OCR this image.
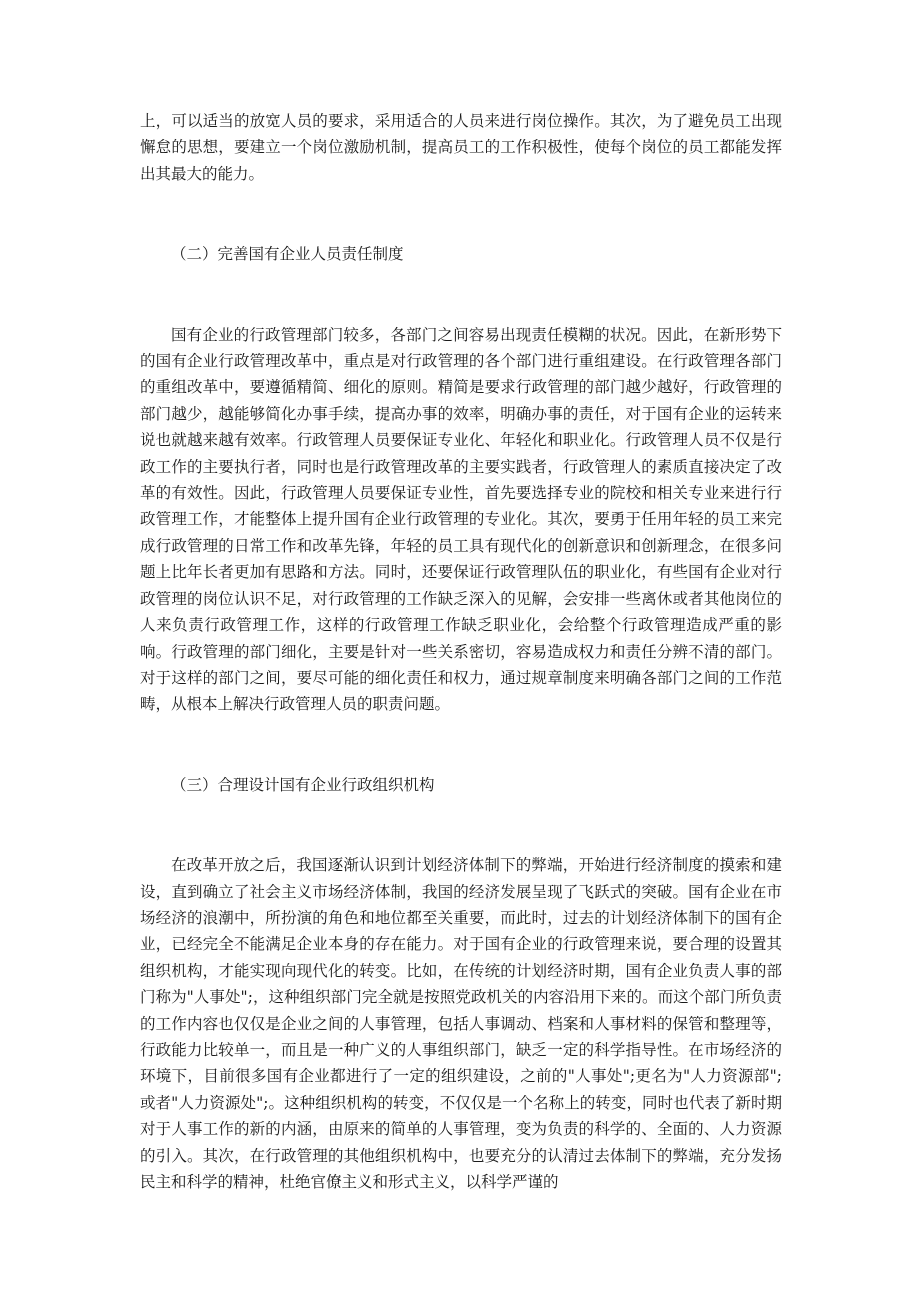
上，可以适当的放宽人员的要求，采用适合的人员来进行岗位操作。其次，为了避免员工出现懈怠的思想，要建立一个岗位激励机制，提高员工的工作积极性，使每个岗位的员工都能发挥出其最大的能力。

（二）完善国有企业人员责任制度

国有企业的行政管理部门较多，各部门之间容易出现责任模糊的状况。因此，在新形势下的国有企业行政管理改革中，重点是对行政管理的各个部门进行重组建设。在行政管理各部门的重组改革中，要遵循精简、细化的原则。精简是要求行政管理的部门越少越好，行政管理的部门越少，越能够简化办事手续，提高办事的效率，明确办事的责任，对于国有企业的运转来说也就越来越有效率。行政管理人员要保证专业化、年轻化和职业化。行政管理人员不仅是行政工作的主要执行者，同时也是行政管理改革的主要实践者，行政管理人的素质直接决定了改革的有效性。因此，行政管理人员要保证专业性，首先要选择专业的院校和相关专业来进行行政管理工作，才能整体上提升国有企业行政管理的专业化。其次，要勇于任用年轻的员工来完成行政管理的日常工作和改革先锋，年轻的员工具有现代化的创新意识和创新理念，在很多问题上比年长者更加有思路和方法。同时，还要保证行政管理队伍的职业化，有些国有企业对行政管理的岗位认识不足，对行政管理的工作缺乏深入的见解，会安排一些离休或者其他岗位的人来负责行政管理工作，这样的行政管理工作缺乏职业化，会给整个行政管理造成严重的影响。行政管理的部门细化，主要是针对一些关系密切，容易造成权力和责任分辨不清的部门。对于这样的部门之间，要尽可能的细化责任和权力，通过规章制度来明确各部门之间的工作范畴，从根本上解决行政管理人员的职责问题。

（三）合理设计国有企业行政组织机构

在改革开放之后，我国逐渐认识到计划经济体制下的弊端，开始进行经济制度的摸索和建设，直到确立了社会主义市场经济体制，我国的经济发展呈现了飞跃式的突破。国有企业在市场经济的浪潮中，所扮演的角色和地位都至关重要，而此时，过去的计划经济体制下的国有企业，已经完全不能满足企业本身的存在能力。对于国有企业的行政管理来说，要合理的设置其组织机构，才能实现向现代化的转变。比如，在传统的计划经济时期，国有企业负责人事的部门称为"人事处";，这种组织部门完全就是按照党政机关的内容沿用下来的。而这个部门所负责的工作内容也仅仅是企业之间的人事管理，包括人事调动、档案和人事材料的保管和整理等，行政能力比较单一，而且是一种广义的人事组织部门，缺乏一定的科学指导性。在市场经济的环境下，目前很多国有企业都进行了一定的组织建设，之前的"人事处";更名为"人力资源部";或者"人力资源处";。这种组织机构的转变，不仅仅是一个名称上的转变，同时也代表了新时期对于人事工作的新的内涵，由原来的简单的人事管理，变为负责的科学的、全面的、人力资源的引入。其次，在行政管理的其他组织机构中，也要充分的认清过去体制下的弊端，充分发扬民主和科学的精神，杜绝官僚主义和形式主义，以科学严谨的
